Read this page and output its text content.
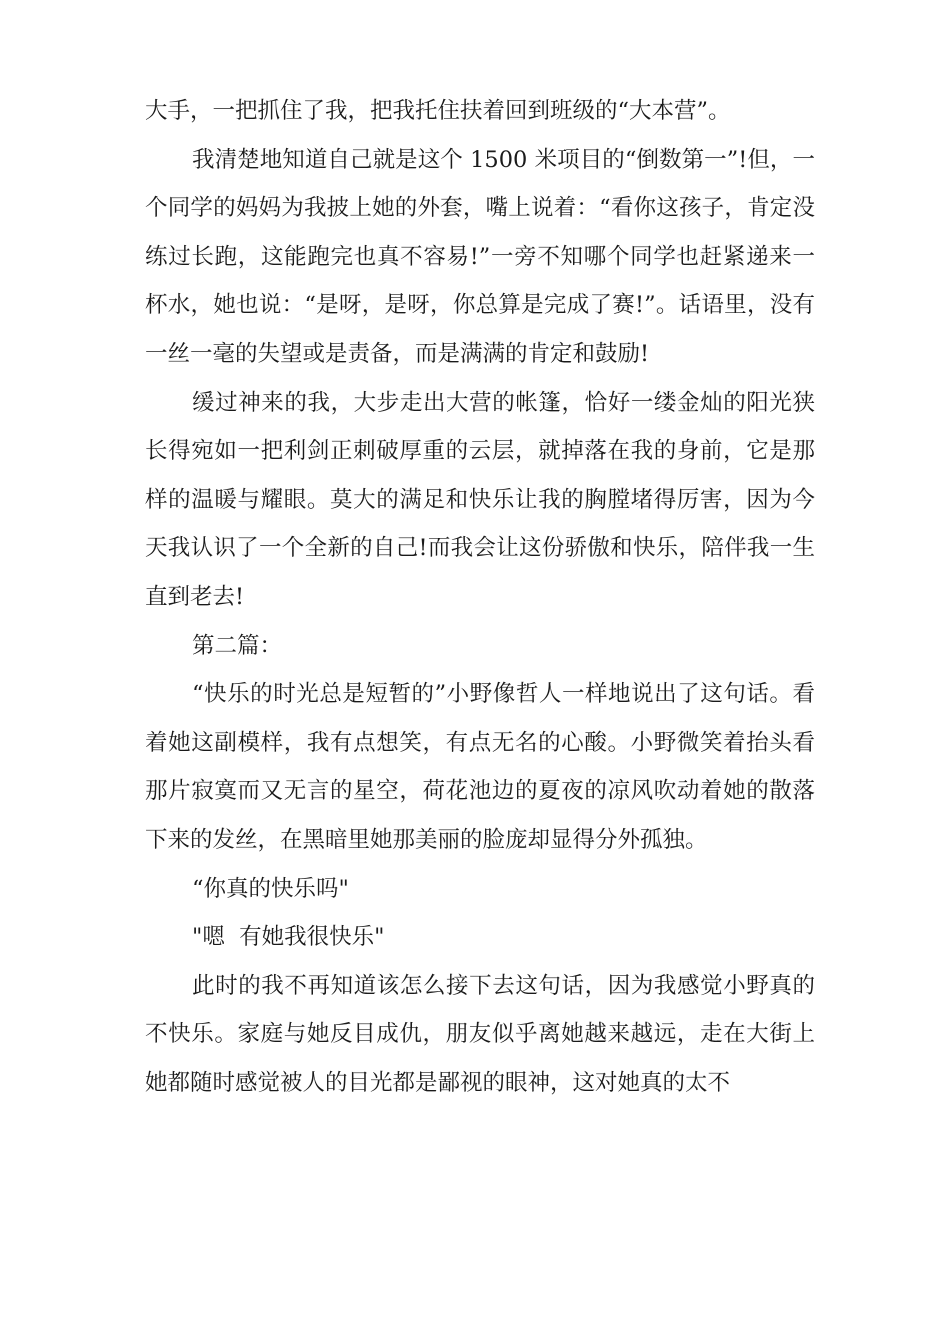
大手，一把抓住了我，把我托住扶着回到班级的“大本营”。

我清楚地知道自己就是这个 1500 米项目的“倒数第一”!但，一个同学的妈妈为我披上她的外套，嘴上说着：“看你这孩子，肯定没练过长跑，这能跑完也真不容易!”一旁不知哪个同学也赶紧递来一杯水，她也说：“是呀，是呀，你总算是完成了赛!”。话语里，没有一丝一毫的失望或是责备，而是满满的肯定和鼓励!

缓过神来的我，大步走出大营的帐篷，恰好一缕金灿的阳光狭长得宛如一把利剑正刺破厚重的云层，就掉落在我的身前，它是那样的温暖与耀眼。莫大的满足和快乐让我的胸膛堵得厉害，因为今天我认识了一个全新的自己!而我会让这份骄傲和快乐，陪伴我一生直到老去!

第二篇：

“快乐的时光总是短暂的”小野像哲人一样地说出了这句话。看着她这副模样，我有点想笑，有点无名的心酸。小野微笑着抬头看那片寂寞而又无言的星空，荷花池边的夏夜的凉风吹动着她的散落下来的发丝，在黑暗里她那美丽的脸庞却显得分外孤独。

“你真的快乐吗"

"嗯  有她我很快乐"

此时的我不再知道该怎么接下去这句话，因为我感觉小野真的不快乐。家庭与她反目成仇，朋友似乎离她越来越远，走在大街上她都随时感觉被人的目光都是鄙视的眼神，这对她真的太不
